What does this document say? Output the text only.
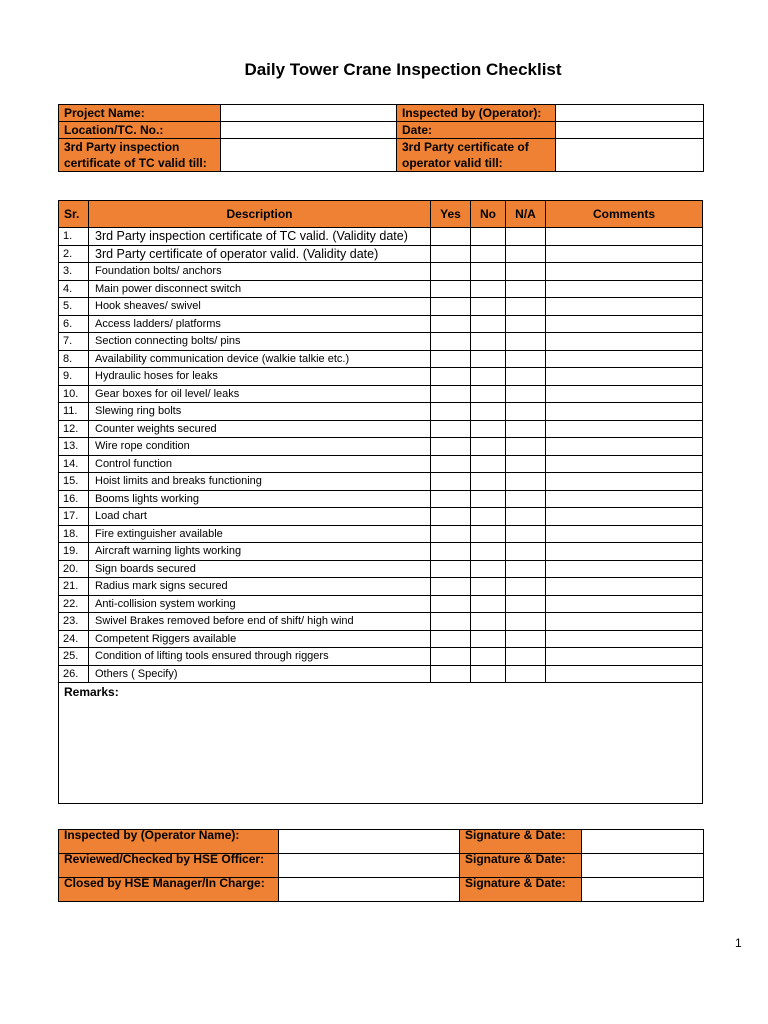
Daily Tower Crane Inspection Checklist
Project Name:		Inspected by (Operator):	
Location/TC. No.:		Date:	
3rd Party inspection certificate of TC valid till:		3rd Party certificate of operator valid till:	
Sr.	Description	Yes	No	N/A	Comments
1.	3rd Party inspection certificate of TC valid. (Validity date)				
2.	3rd Party certificate of operator valid. (Validity date)				
3.	Foundation bolts/ anchors				
4.	Main power disconnect switch				
5.	Hook sheaves/ swivel				
6.	Access ladders/ platforms				
7.	Section connecting bolts/ pins				
8.	Availability communication device (walkie talkie etc.)				
9.	Hydraulic hoses for leaks				
10.	Gear boxes for oil level/ leaks				
11.	Slewing ring bolts				
12.	Counter weights secured				
13.	Wire rope condition				
14.	Control function				
15.	Hoist limits and breaks functioning				
16.	Booms lights working				
17.	Load chart				
18.	Fire extinguisher available				
19.	Aircraft warning lights working				
20.	Sign boards secured				
21.	Radius mark signs secured				
22.	Anti-collision system working				
23.	Swivel Brakes removed before end of shift/ high wind				
24.	Competent Riggers available				
25.	Condition of lifting tools ensured through riggers				
26.	Others ( Specify)				
Remarks:					
Inspected by (Operator Name):		Signature & Date:	
Reviewed/Checked by HSE Officer:		Signature & Date:	
Closed by HSE Manager/In Charge:		Signature & Date:	
1
